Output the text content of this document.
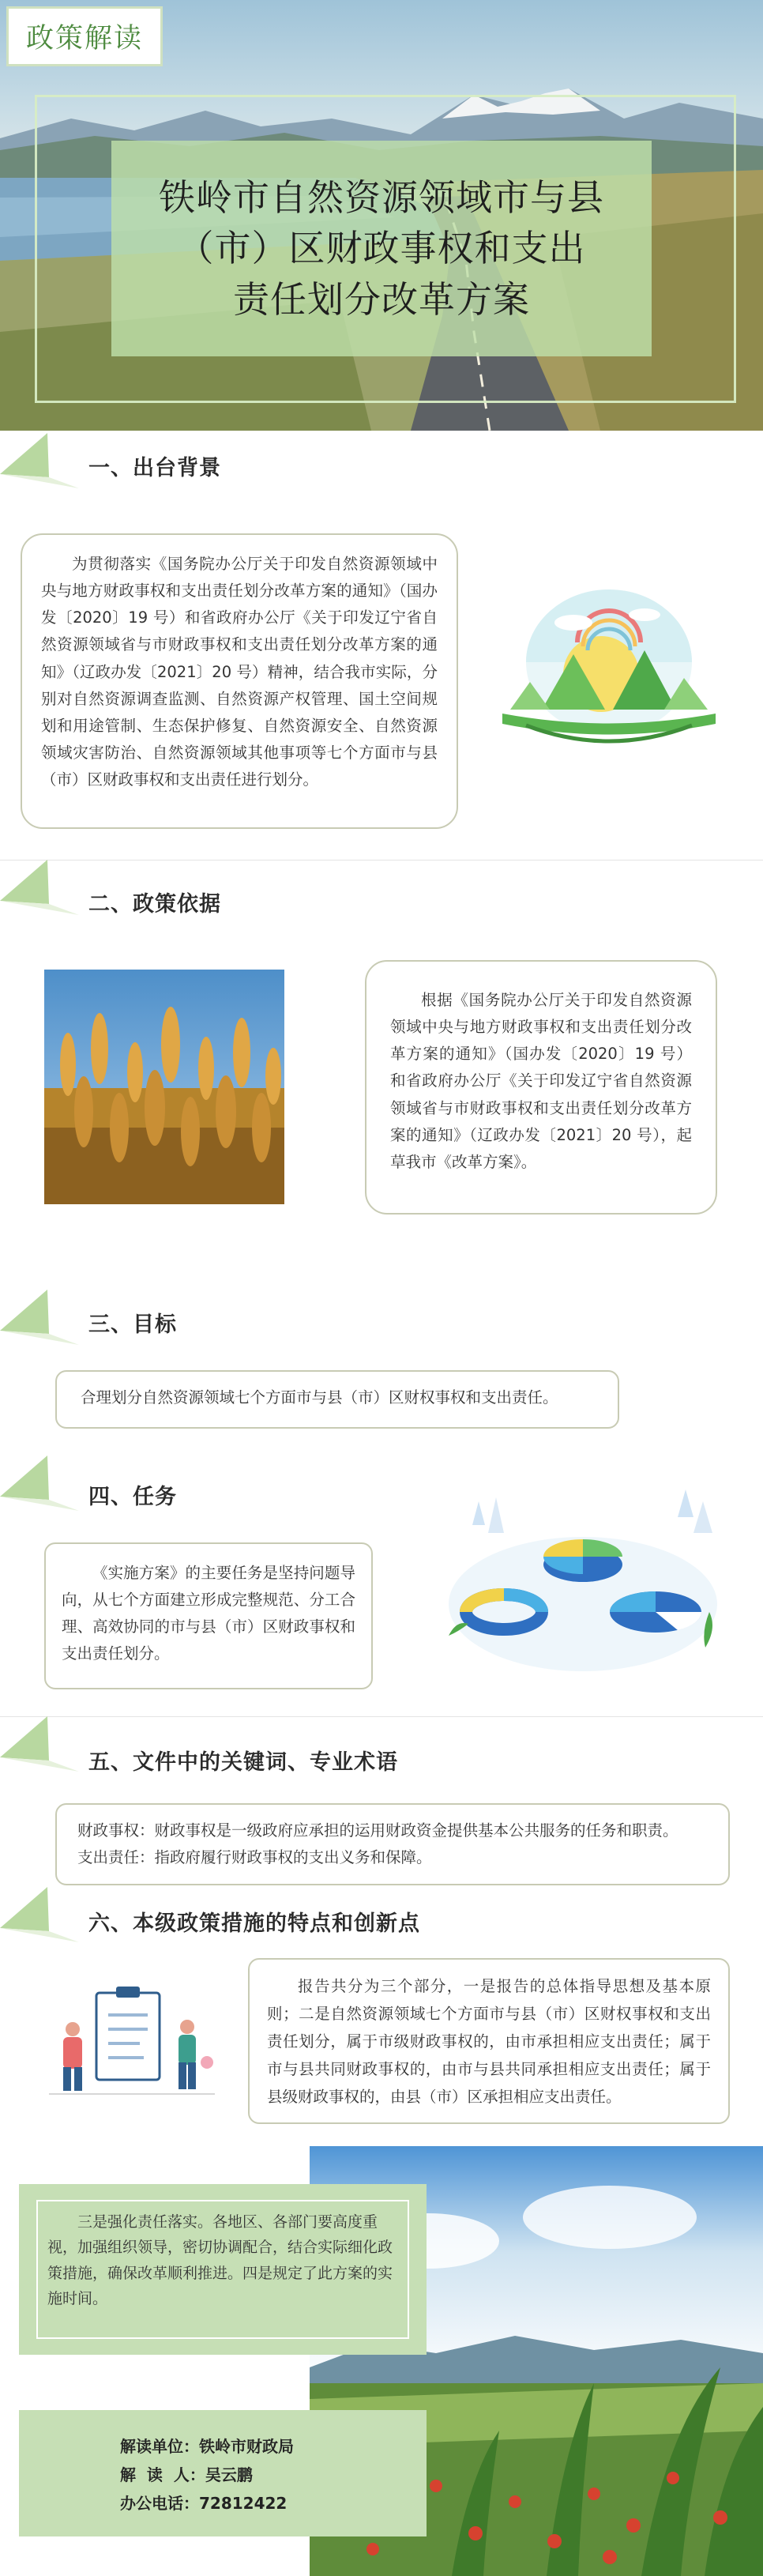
政策解读
铁岭市自然资源领域市与县
（市）区财政事权和支出
责任划分改革方案
一、出台背景

为贯彻落实《国务院办公厅关于印发自然资源领域中央与地方财政事权和支出责任划分改革方案的通知》（国办发〔2020〕19 号）和省政府办公厅《关于印发辽宁省自然资源领域省与市财政事权和支出责任划分改革方案的通知》（辽政办发〔2021〕20 号）精神，结合我市实际，分别对自然资源调查监测、自然资源产权管理、国土空间规划和用途管制、生态保护修复、自然资源安全、自然资源领域灾害防治、自然资源领域其他事项等七个方面市与县（市）区财政事权和支出责任进行划分。

二、政策依据

根据《国务院办公厅关于印发自然资源领域中央与地方财政事权和支出责任划分改革方案的通知》（国办发〔2020〕19 号）和省政府办公厅《关于印发辽宁省自然资源领域省与市财政事权和支出责任划分改革方案的通知》（辽政办发〔2021〕20 号），起草我市《改革方案》。

三、目标

合理划分自然资源领域七个方面市与县（市）区财权事权和支出责任。

四、任务

《实施方案》的主要任务是坚持问题导向，从七个方面建立形成完整规范、分工合理、高效协同的市与县（市）区财政事权和支出责任划分。

五、文件中的关键词、专业术语

财政事权：财政事权是一级政府应承担的运用财政资金提供基本公共服务的任务和职责。

支出责任：指政府履行财政事权的支出义务和保障。

六、本级政策措施的特点和创新点

报告共分为三个部分，一是报告的总体指导思想及基本原则；二是自然资源领域七个方面市与县（市）区财权事权和支出责任划分，属于市级财政事权的，由市承担相应支出责任；属于市与县共同财政事权的，由市与县共同承担相应支出责任；属于县级财政事权的，由县（市）区承担相应支出责任。

三是强化责任落实。各地区、各部门要高度重视，加强组织领导，密切协调配合，结合实际细化政策措施，确保改革顺利推进。四是规定了此方案的实施时间。

解读单位：铁岭市财政局
解  读  人：吴云鹏
办公电话：72812422
